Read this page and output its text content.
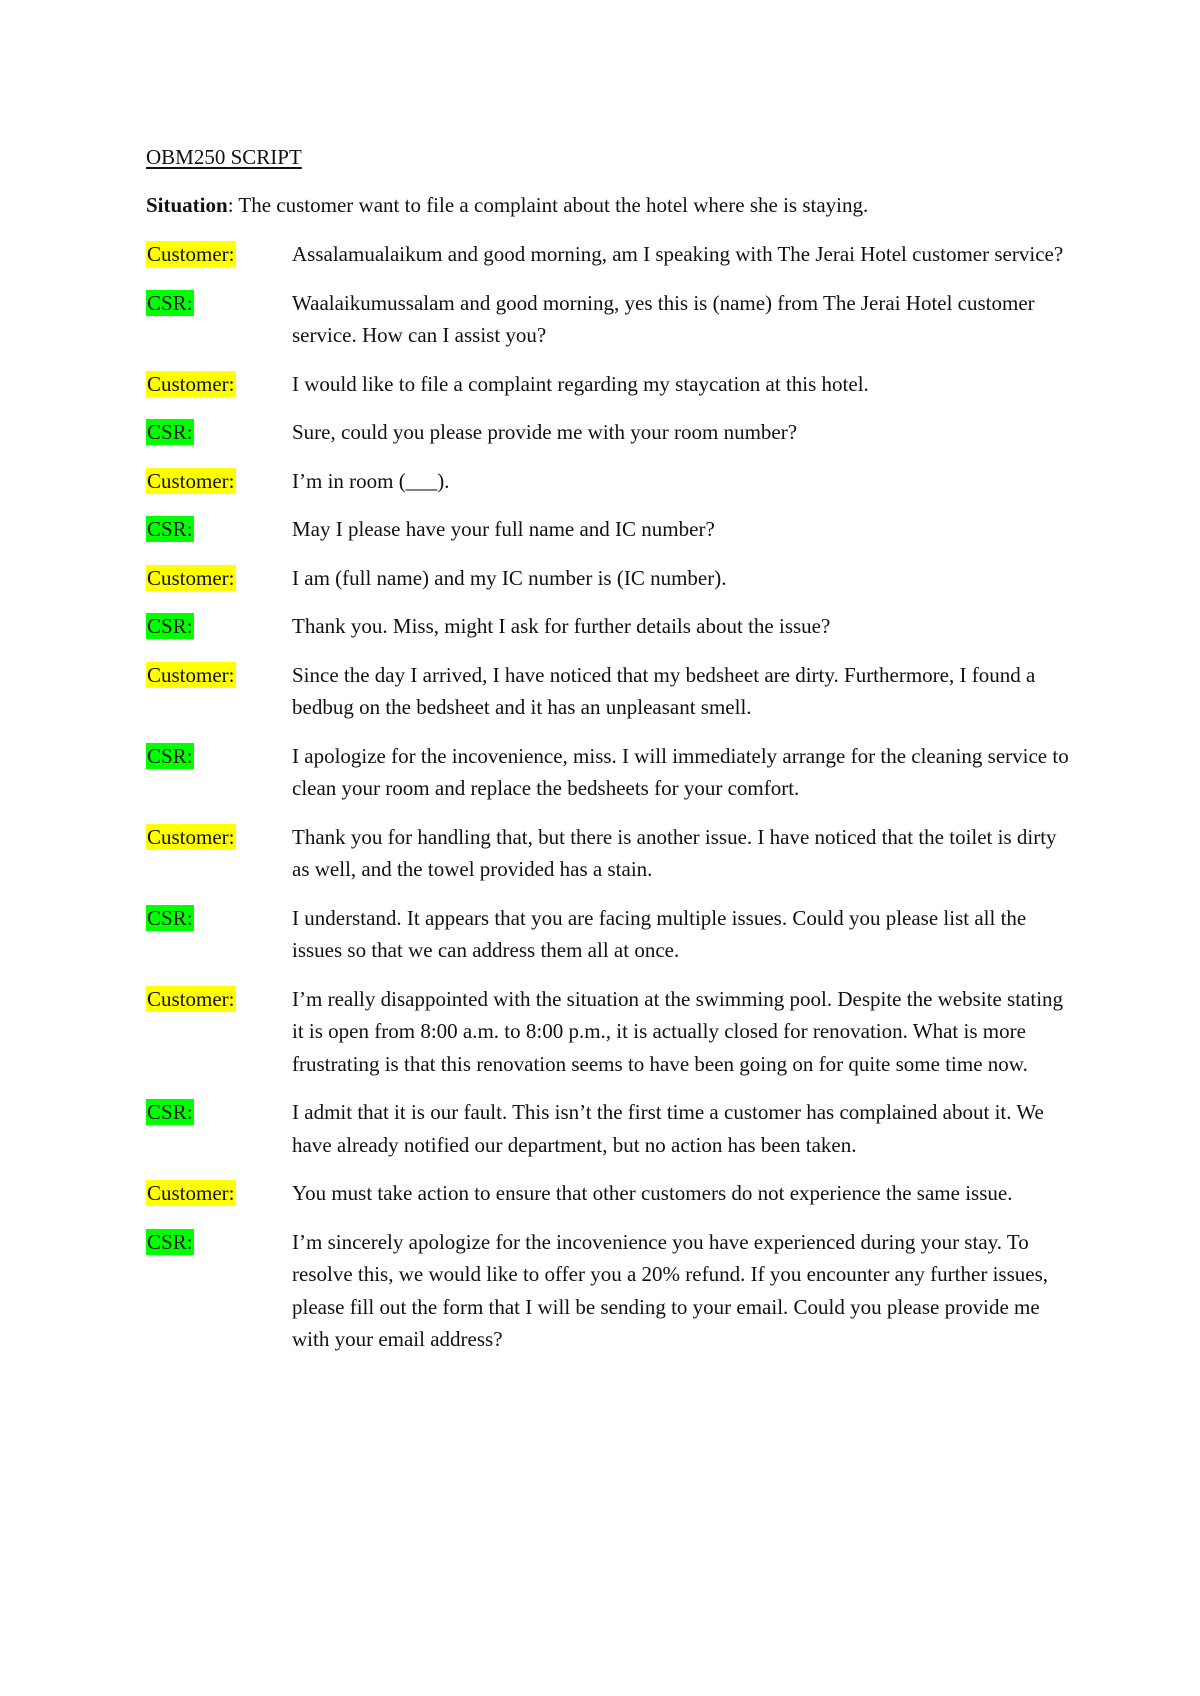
OBM250 SCRIPT
Situation: The customer want to file a complaint about the hotel where she is staying.
Customer:	Assalamualaikum and good morning, am I speaking with The Jerai Hotel customer service?
CSR:	Waalaikumussalam and good morning, yes this is (name) from The Jerai Hotel customer service. How can I assist you?
Customer:	I would like to file a complaint regarding my staycation at this hotel.
CSR:	Sure, could you please provide me with your room number?
Customer:	I’m in room (___).
CSR:	May I please have your full name and IC number?
Customer:	I am (full name) and my IC number is (IC number).
CSR:	Thank you. Miss, might I ask for further details about the issue?
Customer:	Since the day I arrived, I have noticed that my bedsheet are dirty. Furthermore, I found a bedbug on the bedsheet and it has an unpleasant smell.
CSR:	I apologize for the incovenience, miss. I will immediately arrange for the cleaning service to clean your room and replace the bedsheets for your comfort.
Customer:	Thank you for handling that, but there is another issue. I have noticed that the toilet is dirty as well, and the towel provided has a stain.
CSR:	I understand. It appears that you are facing multiple issues. Could you please list all the issues so that we can address them all at once.
Customer:	I’m really disappointed with the situation at the swimming pool. Despite the website stating it is open from 8:00 a.m. to 8:00 p.m., it is actually closed for renovation. What is more frustrating is that this renovation seems to have been going on for quite some time now.
CSR:	I admit that it is our fault. This isn’t the first time a customer has complained about it. We have already notified our department, but no action has been taken.
Customer:	You must take action to ensure that other customers do not experience the same issue.
CSR:	I’m sincerely apologize for the incovenience you have experienced during your stay. To resolve this, we would like to offer you a 20% refund. If you encounter any further issues, please fill out the form that I will be sending to your email. Could you please provide me with your email address?
